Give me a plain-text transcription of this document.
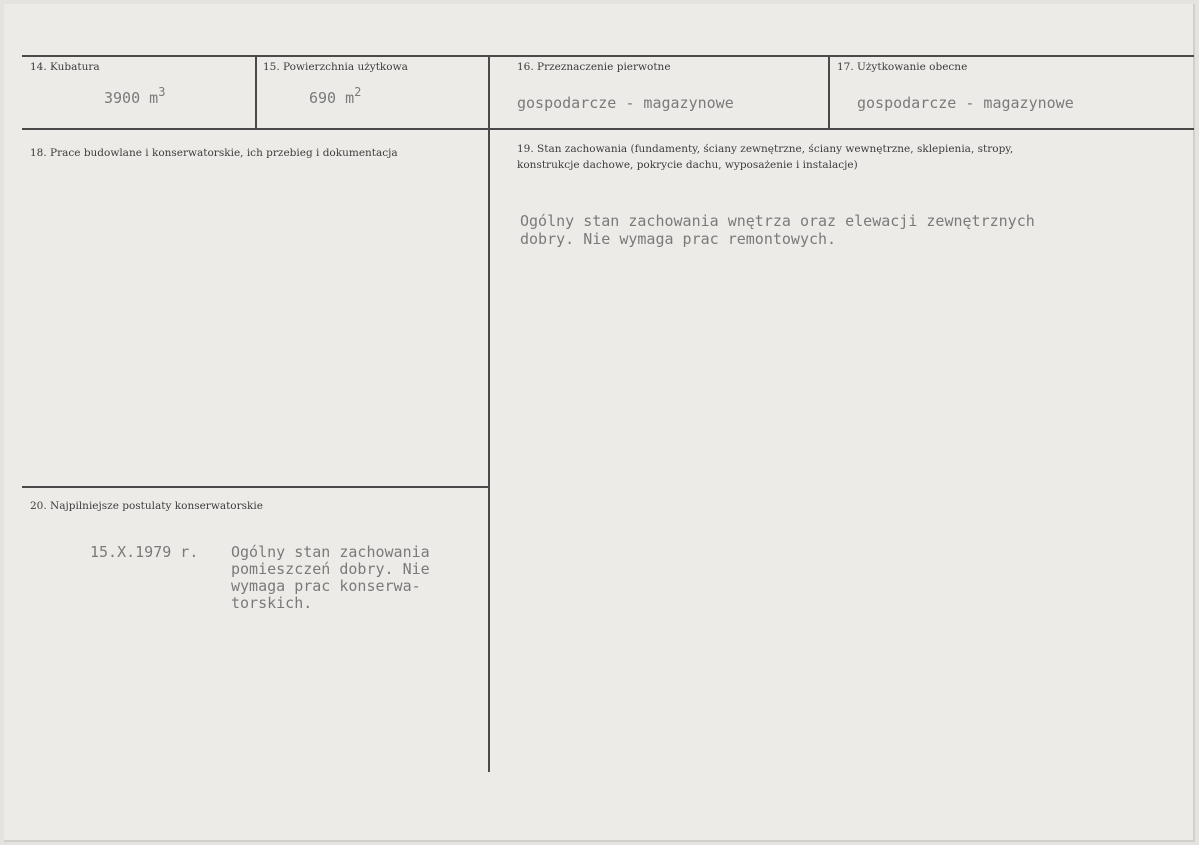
14. Kubatura
3900 $m^3$
15. Powierzchnia użytkowa
690 $m^2$
16. Przeznaczenie pierwotne
gospodarcze - magazynowe
17. Użytkowanie obecne
gospodarcze - magazynowe
18. Prace budowlane i konserwatorskie, ich przebieg i dokumentacja	19. Stan zachowania (fundamenty, ściany zewnętrzne, ściany wewnętrzne, sklepienia, stropy,
konstrukcje dachowe, pokrycie dachu, wyposażenie i instalacje)
Ogólny stan zachowania wnętrza oraz elewacji zewnętrznych
dobry. Nie wymaga prac remontowych.
20. Najpilniejsze postulaty konserwatorskie
15.X.1979 r. Ogólny stan zachowania
pomieszczeń dobry. Nie
wymaga prac konserwa-
torskich.
